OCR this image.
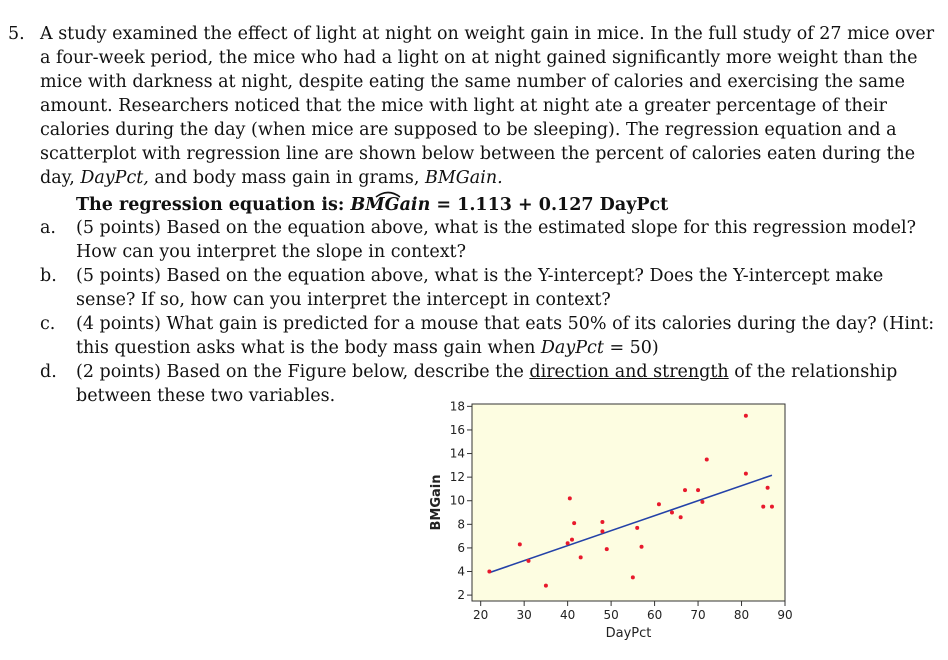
5. A study examined the effect of light at night on weight gain in mice. In the full study of 27 mice over a four-week period, the mice who had a light on at night gained significantly more weight than the mice with darkness at night, despite eating the same number of calories and exercising the same amount. Researchers noticed that the mice with light at night ate a greater percentage of their calories during the day (when mice are supposed to be sleeping). The regression equation and a scatterplot with regression line are shown below between the percent of calories eaten during the day, DayPct, and body mass gain in grams, BMGain.
The regression equation is: BMGain
= 1.113 + 0.127 DayPct
a. (5 points) Based on the equation above, what is the estimated slope for this regression model? How can you interpret the slope in context?
b. (5 points) Based on the equation above, what is the Y-intercept? Does the Y-intercept make sense? If so, how can you interpret the intercept in context?
c. (4 points) What gain is predicted for a mouse that eats 50% of its calories during the day? (Hint: this question asks what is the body mass gain when DayPct = 50)
d. (2 points) Based on the Figure below, describe the direction and strength of the relationship between these two variables.
20 30 40 50 60 70 80 90
2
4
6
8
10
12
14
16
18
DayPct
BMGain
